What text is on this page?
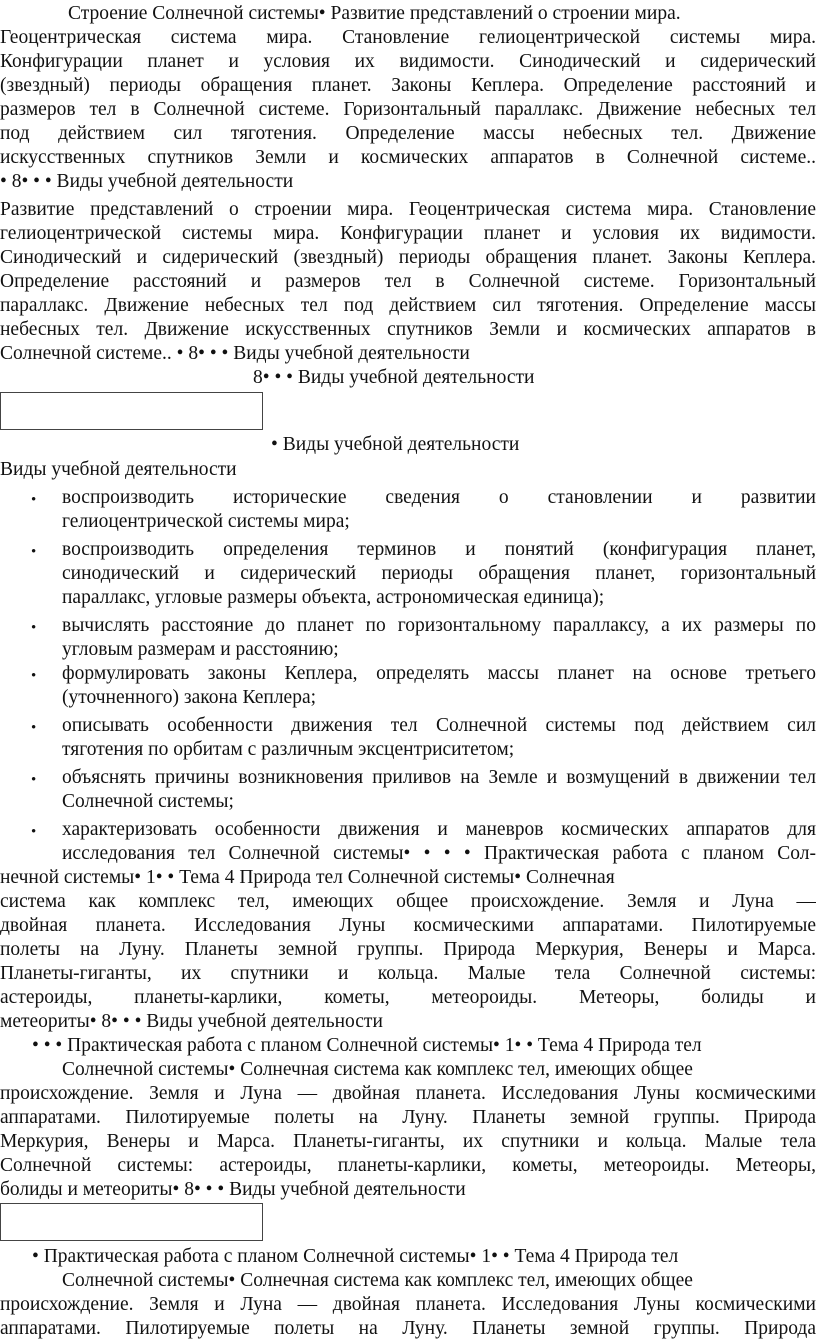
Строение Солнечной системы• Развитие представлений о строении мира.
Геоцентрическая система мира. Становление гелиоцентрической системы мира.
Конфигурации планет и условия их видимости. Синодический и сидерический
(звездный) периоды обращения планет. Законы Кеплера. Определение расстояний и
размеров тел в Солнечной системе. Горизонтальный параллакс. Движение небесных тел
под действием сил тяготения. Определение массы небесных тел. Движение
искусственных спутников Земли и космических аппаратов в Солнечной системе..
• 8• • • Виды учебной деятельности
Развитие представлений о строении мира. Геоцентрическая система мира. Становление
гелиоцентрической системы мира. Конфигурации планет и условия их видимости.
Синодический и сидерический (звездный) периоды обращения планет. Законы Кеплера.
Определение расстояний и размеров тел в Солнечной системе. Горизонтальный
параллакс. Движение небесных тел под действием сил тяготения. Определение массы
небесных тел. Движение искусственных спутников Земли и космических аппаратов в
Солнечной системе.. • 8• • • Виды учебной деятельности
8• • • Виды учебной деятельности
• Виды учебной деятельности
Виды учебной деятельности
воспроизводить исторические сведения о становлении и развитии
гелиоцентрической системы мира;
воспроизводить определения терминов и понятий (конфигурация планет,
синодический и сидерический периоды обращения планет, горизонтальный
параллакс, угловые размеры объекта, астрономическая единица);
вычислять расстояние до планет по горизонтальному параллаксу, а их размеры по
угловым размерам и расстоянию;
формулировать законы Кеплера, определять массы планет на основе третьего
(уточненного) закона Кеплера;
описывать особенности движения тел Солнечной системы под действием сил
тяготения по орбитам с различным эксцентриситетом;
объяснять причины возникновения приливов на Земле и возмущений в движении тел
Солнечной системы;
характеризовать особенности движения и маневров космических аппаратов для
исследования тел Солнечной системы• • • • Практическая работа с планом Сол-
нечной системы• 1• • Тема 4 Природа тел Солнечной системы• Солнечная
система как комплекс тел, имеющих общее происхождение. Земля и Луна —
двойная планета. Исследования Луны космическими аппаратами. Пилотируемые
полеты на Луну. Планеты земной группы. Природа Меркурия, Венеры и Марса.
Планеты-гиганты, их спутники и кольца. Малые тела Солнечной системы:
астероиды, планеты-карлики, кометы, метеороиды. Метеоры, болиды и
метеориты• 8• • • Виды учебной деятельности
• • • Практическая работа с планом Солнечной системы• 1• • Тема 4 Природа тел
Солнечной системы• Солнечная система как комплекс тел, имеющих общее
происхождение. Земля и Луна — двойная планета. Исследования Луны космическими
аппаратами. Пилотируемые полеты на Луну. Планеты земной группы. Природа
Меркурия, Венеры и Марса. Планеты-гиганты, их спутники и кольца. Малые тела
Солнечной системы: астероиды, планеты-карлики, кометы, метеороиды. Метеоры,
болиды и метеориты• 8• • • Виды учебной деятельности
• Практическая работа с планом Солнечной системы• 1• • Тема 4 Природа тел
Солнечной системы• Солнечная система как комплекс тел, имеющих общее
происхождение. Земля и Луна — двойная планета. Исследования Луны космическими
аппаратами. Пилотируемые полеты на Луну. Планеты земной группы. Природа
•
•
•
•
•
•
•
